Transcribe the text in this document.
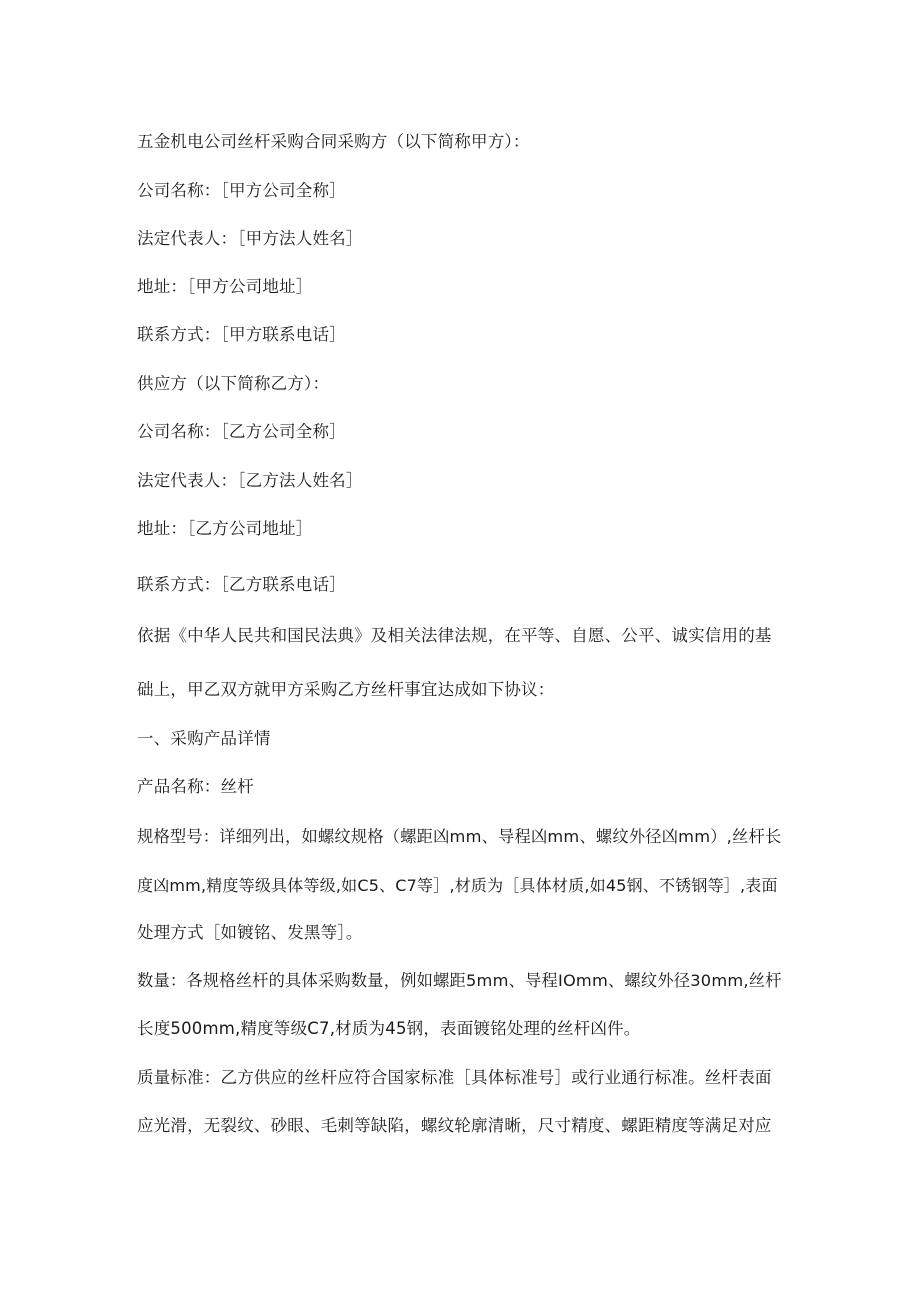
五金机电公司丝杆采购合同采购方（以下简称甲方）：
公司名称：［甲方公司全称］
法定代表人：［甲方法人姓名］
地址：［甲方公司地址］
联系方式：［甲方联系电话］
供应方（以下简称乙方）：
公司名称：［乙方公司全称］
法定代表人：［乙方法人姓名］
地址：［乙方公司地址］
联系方式：［乙方联系电话］
依据《中华人民共和国民法典》及相关法律法规，在平等、自愿、公平、诚实信用的基
础上，甲乙双方就甲方采购乙方丝杆事宜达成如下协议：
一、采购产品详情
产品名称：丝杆
规格型号：详细列出，如螺纹规格（螺距凶mm、导程凶mm、螺纹外径凶mm）,丝杆长
度凶mm,精度等级具体等级,如C5、C7等］,材质为［具体材质,如45钢、不锈钢等］,表面
处理方式［如镀铭、发黑等］。
数量：各规格丝杆的具体采购数量，例如螺距5mm、导程IOmm、螺纹外径30mm,丝杆
长度500mm,精度等级C7,材质为45钢，表面镀铭处理的丝杆凶件。
质量标准：乙方供应的丝杆应符合国家标准［具体标准号］或行业通行标准。丝杆表面
应光滑，无裂纹、砂眼、毛刺等缺陷，螺纹轮廓清晰，尺寸精度、螺距精度等满足对应
